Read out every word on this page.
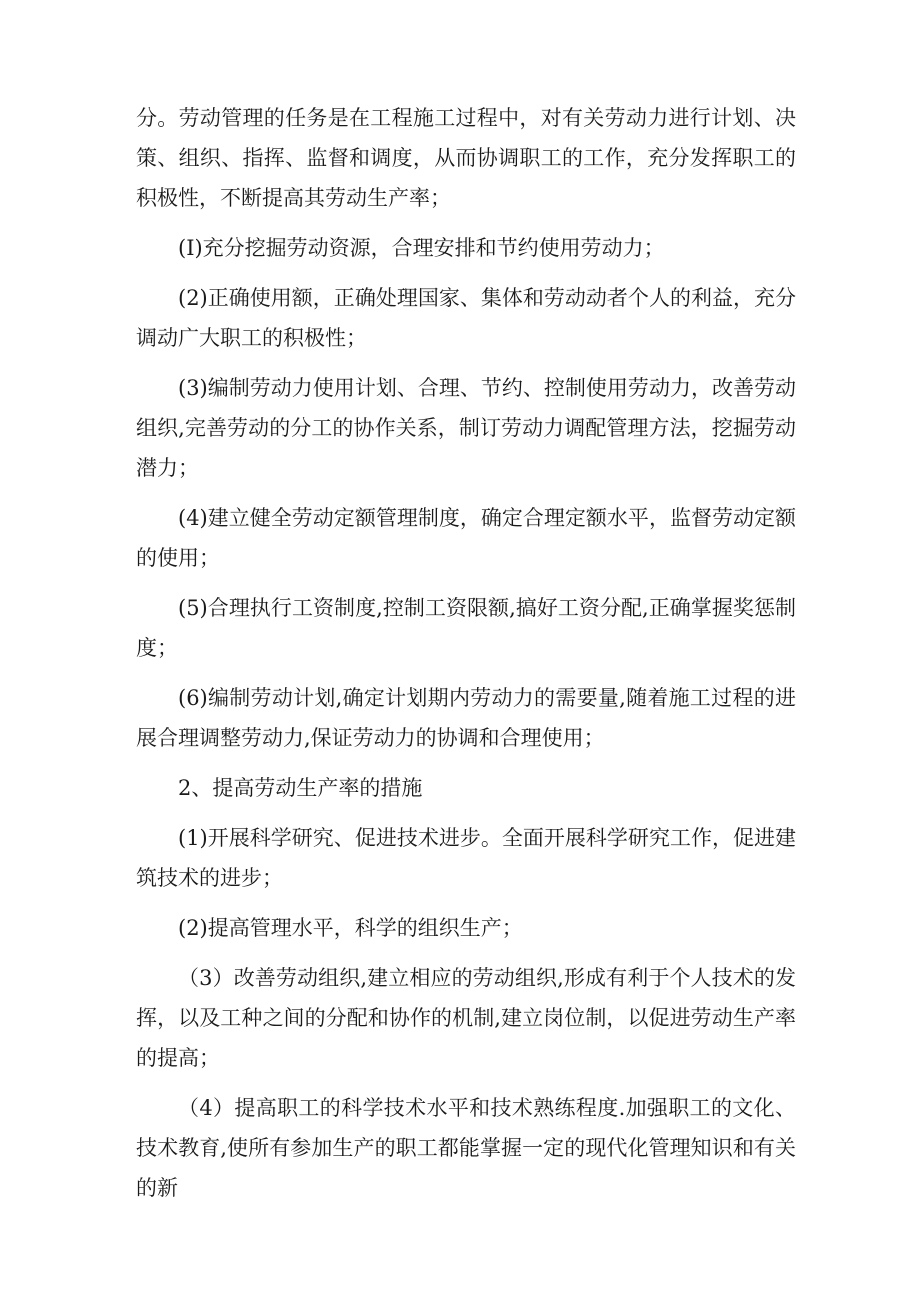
分。劳动管理的任务是在工程施工过程中，对有关劳动力进行计划、决策、组织、指挥、监督和调度，从而协调职工的工作，充分发挥职工的积极性，不断提高其劳动生产率；

(I)充分挖掘劳动资源，合理安排和节约使用劳动力；

(2)正确使用额，正确处理国家、集体和劳动动者个人的利益，充分调动广大职工的积极性；

(3)编制劳动力使用计划、合理、节约、控制使用劳动力，改善劳动组织,完善劳动的分工的协作关系，制订劳动力调配管理方法，挖掘劳动潜力；

(4)建立健全劳动定额管理制度，确定合理定额水平，监督劳动定额的使用；

(5)合理执行工资制度,控制工资限额,搞好工资分配,正确掌握奖惩制度；

(6)编制劳动计划,确定计划期内劳动力的需要量,随着施工过程的进展合理调整劳动力,保证劳动力的协调和合理使用；

2、提高劳动生产率的措施

(1)开展科学研究、促进技术进步。全面开展科学研究工作，促进建筑技术的进步；

(2)提高管理水平，科学的组织生产；

（3）改善劳动组织,建立相应的劳动组织,形成有利于个人技术的发挥，以及工种之间的分配和协作的机制,建立岗位制，以促进劳动生产率的提高；

（4）提高职工的科学技术水平和技术熟练程度.加强职工的文化、技术教育,使所有参加生产的职工都能掌握一定的现代化管理知识和有关的新
